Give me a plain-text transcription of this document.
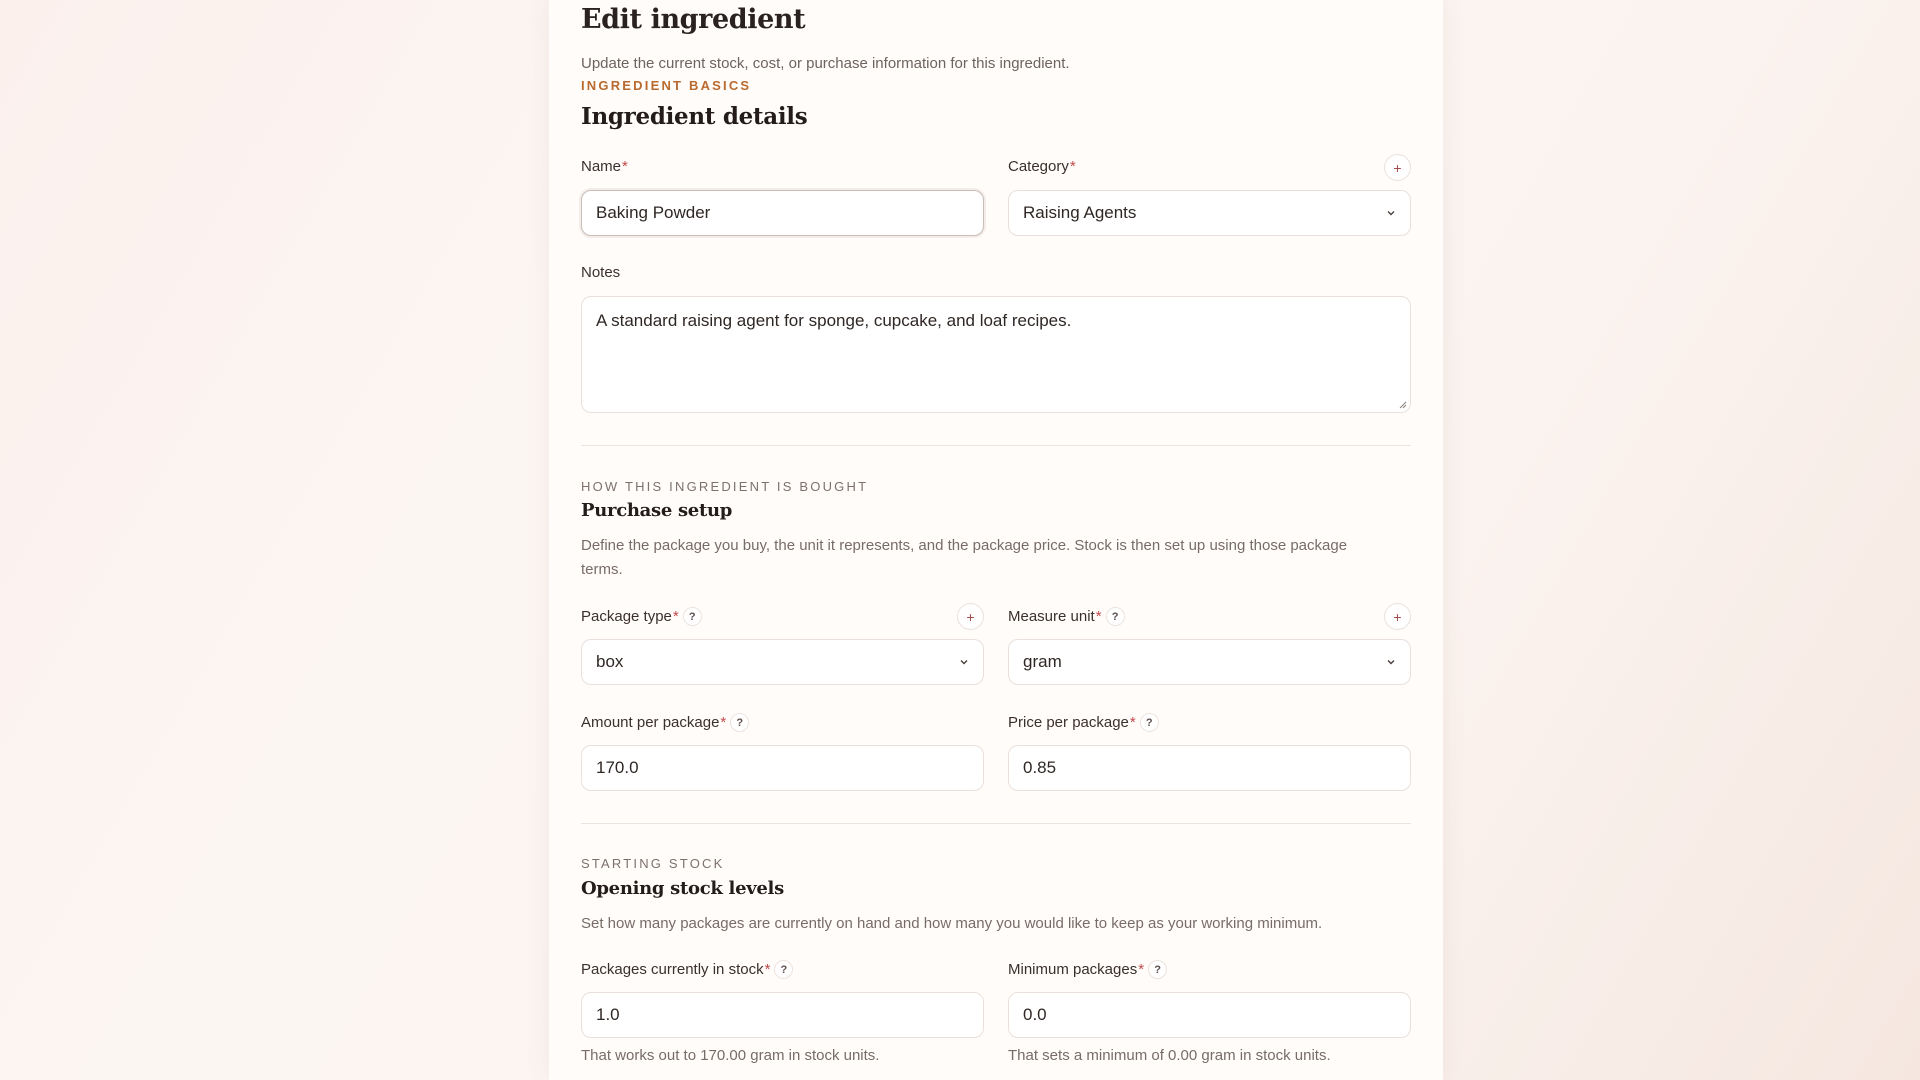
Edit ingredient

Update the current stock, cost, or purchase information for this ingredient.

INGREDIENT BASICS
Ingredient details
Name *
Baking Powder
Category *	+
Raising Agents
Notes
A standard raising agent for sponge, cupcake, and loaf recipes.
HOW THIS INGREDIENT IS BOUGHT
Purchase setup

Define the package you buy, the unit it represents, and the package price. Stock is then set up using those package terms.

Package type * ?	+
box
Measure unit * ?	+
gram
Amount per package * ?
170.0
Price per package * ?
0.85
STARTING STOCK
Opening stock levels

Set how many packages are currently on hand and how many you would like to keep as your working minimum.

Packages currently in stock * ?
1.0
That works out to 170.00 gram in stock units.
Minimum packages * ?
0.0
That sets a minimum of 0.00 gram in stock units.
